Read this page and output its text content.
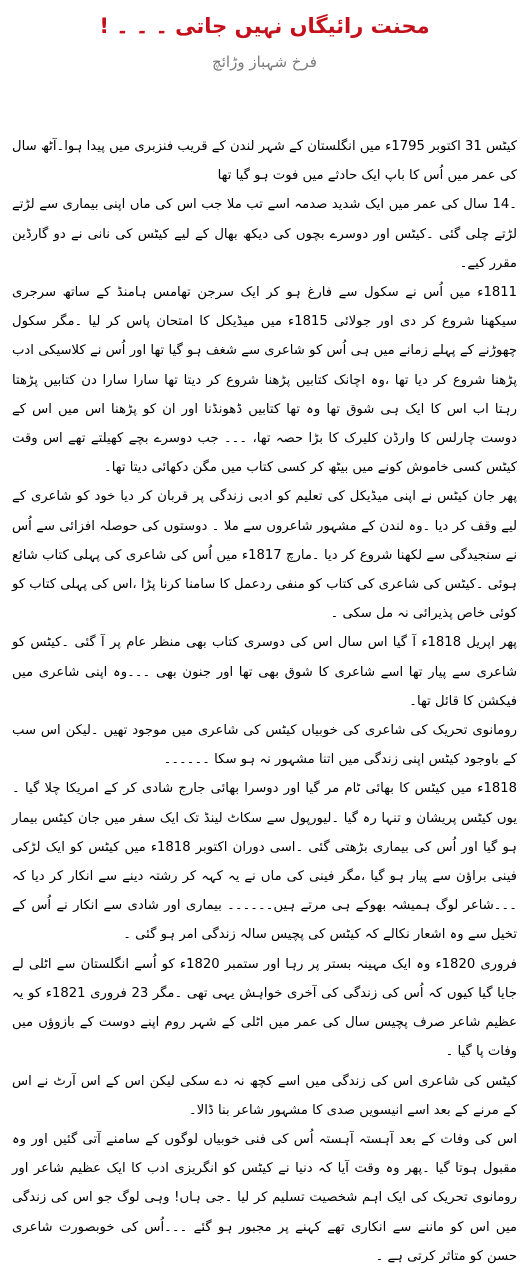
محنت رائیگاں نہیں جاتی ۔ ۔ ۔ !
فرخ شہباز وڑائچ

کیٹس 31 اکتوبر 1795ء میں انگلستان کے شہر لندن کے قریب فنزبری میں پیدا ہوا۔آٹھ سال کی عمر میں اُس کا باپ ایک حادثے میں فوت ہو گیا تھا

۔14 سال کی عمر میں ایک شدید صدمہ اسے تب ملا جب اس کی ماں اپنی بیماری سے لڑتے لڑتے چلی گئی ۔کیٹس اور دوسرے بچوں کی دیکھ بھال کے لیے کیٹس کی نانی نے دو گارڈین مقرر کیے۔

1811ء میں اُس نے سکول سے فارغ ہو کر ایک سرجن تھامس ہامنڈ کے ساتھ سرجری سیکھنا شروع کر دی اور جولائی 1815ء میں میڈیکل کا امتحان پاس کر لیا ۔مگر سکول چھوڑنے کے پہلے زمانے میں ہی اُس کو شاعری سے شغف ہو گیا تھا اور اُس نے کلاسیکی ادب پڑھنا شروع کر دیا تھا ،وہ اچانک کتابیں پڑھنا شروع کر دیتا تھا سارا سارا دن کتابیں پڑھتا رہتا اب اس کا ایک ہی شوق تھا وہ تھا کتابیں ڈھونڈنا اور ان کو پڑھنا اس میں اس کے دوست چارلس کا وارڈن کلیرک کا بڑا حصہ تھا، ۔۔۔ جب دوسرے بچے کھیلتے تھے اس وقت کیٹس کسی خاموش کونے میں بیٹھ کر کسی کتاب میں مگن دکھائی دیتا تھا۔

پھر جان کیٹس نے اپنی میڈیکل کی تعلیم کو ادبی زندگی پر قربان کر دیا خود کو شاعری کے لیے وقف کر دیا ۔وہ لندن کے مشہور شاعروں سے ملا ۔ دوستوں کی حوصلہ افزائی سے اُس نے سنجیدگی سے لکھنا شروع کر دیا ۔مارچ 1817ء میں اُس کی شاعری کی پہلی کتاب شائع ہوئی ۔کیٹس کی شاعری کی کتاب کو منفی ردعمل کا سامنا کرنا پڑا ،اس کی پہلی کتاب کو کوئی خاص پذیرائی نہ مل سکی ۔

پھر اپریل 1818ء آ گیا اس سال اس کی دوسری کتاب بھی منظر عام پر آ گئی ۔کیٹس کو شاعری سے پیار تھا اسے شاعری کا شوق بھی تھا اور جنون بھی ۔۔۔وہ اپنی شاعری میں فیکشن کا قائل تھا۔

رومانوی تحریک کی شاعری کی خوبیاں کیٹس کی شاعری میں موجود تھیں ۔لیکن اس سب کے باوجود کیٹس اپنی زندگی میں اتنا مشہور نہ ہو سکا ۔۔۔۔۔۔

1818ء میں کیٹس کا بھائی ٹام مر گیا اور دوسرا بھائی جارج شادی کر کے امریکا چلا گیا ۔یوں کیٹس پریشان و تنہا رہ گیا ۔لیورپول سے سکاٹ لینڈ تک ایک سفر میں جان کیٹس بیمار ہو گیا اور اُس کی بیماری بڑھتی گئی ۔اسی دوران اکتوبر 1818ء میں کیٹس کو ایک لڑکی فینی براؤن سے پیار ہو گیا ،مگر فینی کی ماں نے یہ کہہ کر رشتہ دینے سے انکار کر دیا کہ ۔۔۔شاعر لوگ ہمیشہ بھوکے ہی مرتے ہیں۔۔۔۔۔۔ بیماری اور شادی سے انکار نے اُس کے تخیل سے وہ اشعار نکالے کہ کیٹس کی پچیس سالہ زندگی امر ہو گئی ۔

فروری 1820ء وہ ایک مہینہ بستر پر رہا اور ستمبر 1820ء کو اُسے انگلستان سے اٹلی لے جایا گیا کیوں کہ اُس کی زندگی کی آخری خواہش یہی تھی ۔مگر 23 فروری 1821ء کو یہ عظیم شاعر صرف پچیس سال کی عمر میں اٹلی کے شہر روم اپنے دوست کے بازوؤں میں وفات پا گیا ۔

کیٹس کی شاعری اس کی زندگی میں اسے کچھ نہ دے سکی لیکن اس کے اس آرٹ نے اس کے مرنے کے بعد اسے انیسویں صدی کا مشہور شاعر بنا ڈالا۔

اس کی وفات کے بعد آہستہ آہستہ اُس کی فنی خوبیاں لوگوں کے سامنے آتی گئیں اور وہ مقبول ہوتا گیا ۔پھر وہ وقت آیا کہ دنیا نے کیٹس کو انگریزی ادب کا ایک عظیم شاعر اور رومانوی تحریک کی ایک اہم شخصیت تسلیم کر لیا ۔جی ہاں! وہی لوگ جو اس کی زندگی میں اس کو ماننے سے انکاری تھے کہنے پر مجبور ہو گئے ۔۔۔اُس کی خوبصورت شاعری حسن کو متاثر کرتی ہے ۔
